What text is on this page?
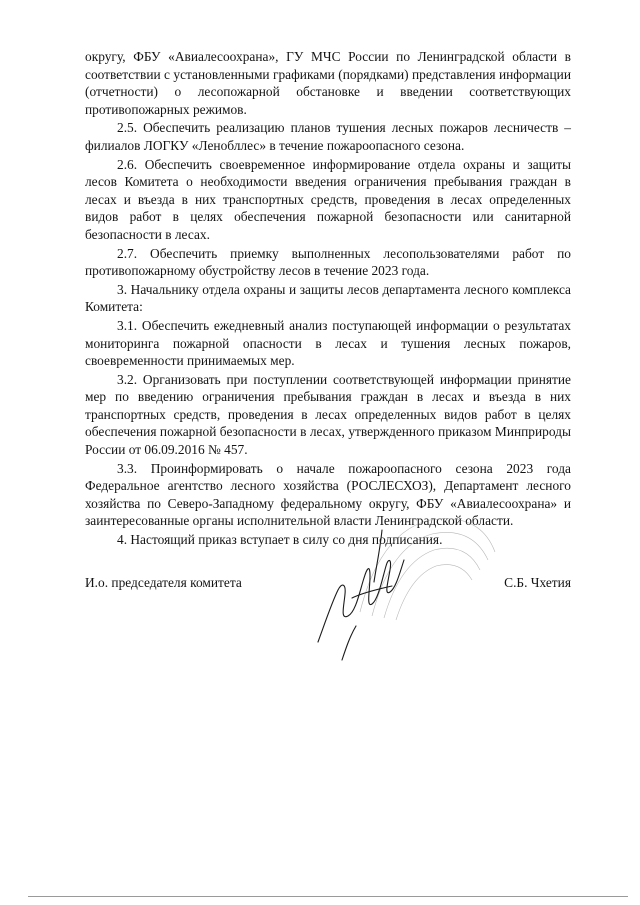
округу, ФБУ «Авиалесоохрана», ГУ МЧС России по Ленинградской области в соответствии с установленными графиками (порядками) представления информации (отчетности) о лесопожарной обстановке и введении соответствующих противопожарных режимов.

2.5. Обеспечить реализацию планов тушения лесных пожаров лесничеств – филиалов ЛОГКУ «Ленобллес» в течение пожароопасного сезона.

2.6. Обеспечить своевременное информирование отдела охраны и защиты лесов Комитета о необходимости введения ограничения пребывания граждан в лесах и въезда в них транспортных средств, проведения в лесах определенных видов работ в целях обеспечения пожарной безопасности или санитарной безопасности в лесах.

2.7. Обеспечить приемку выполненных лесопользователями работ по противопожарному обустройству лесов в течение 2023 года.

3. Начальнику отдела охраны и защиты лесов департамента лесного комплекса Комитета:

3.1. Обеспечить ежедневный анализ поступающей информации о результатах мониторинга пожарной опасности в лесах и тушения лесных пожаров, своевременности принимаемых мер.

3.2. Организовать при поступлении соответствующей информации принятие мер по введению ограничения пребывания граждан в лесах и въезда в них транспортных средств, проведения в лесах определенных видов работ в целях обеспечения пожарной безопасности в лесах, утвержденного приказом Минприроды России от 06.09.2016 № 457.

3.3. Проинформировать о начале пожароопасного сезона 2023 года Федеральное агентство лесного хозяйства (РОСЛЕСХОЗ), Департамент лесного хозяйства по Северо-Западному федеральному округу, ФБУ «Авиалесоохрана» и заинтересованные органы исполнительной власти Ленинградской области.

4. Настоящий приказ вступает в силу со дня подписания.

И.о. председателя комитета	С.Б. Чхетия
